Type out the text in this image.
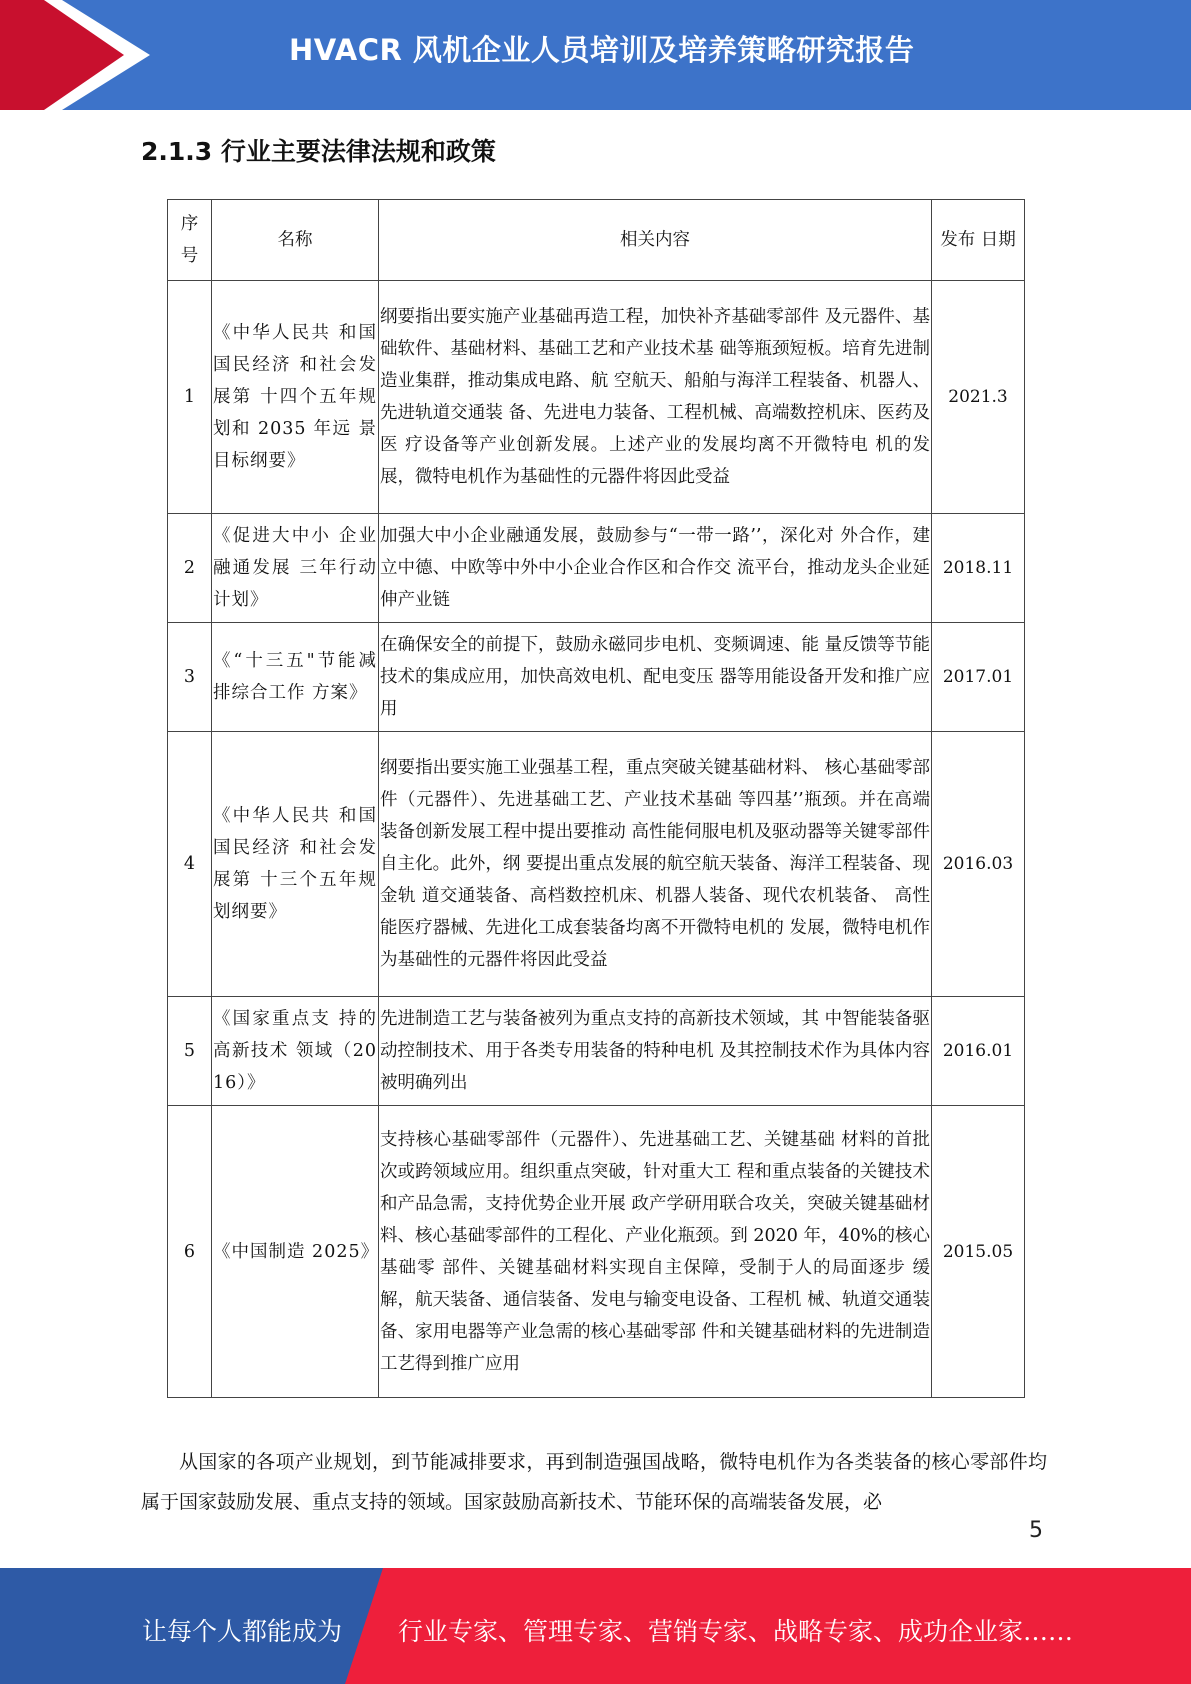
HVACR 风机企业人员培训及培养策略研究报告
2.1.3 行业主要法律法规和政策
序号	名称	相关内容	发布 日期
1	《中华人民共 和国国民经济 和社会发展第 十四个五年规 划和 2035 年远 景目标纲要》	纲要指出要实施产业基础再造工程，加快补齐基础零部件 及元器件、基础软件、基础材料、基础工艺和产业技术基 础等瓶颈短板。培育先进制造业集群，推动集成电路、航 空航天、船舶与海洋工程装备、机器人、先进轨道交通装 备、先进电力装备、工程机械、高端数控机床、医药及医 疗设备等产业创新发展。上述产业的发展均离不开微特电 机的发展，微特电机作为基础性的元器件将因此受益	2021.3
2	《促进大中小 企业融通发展 三年行动计划》	加强大中小企业融通发展，鼓励参与“一带一路’’，深化对 外合作，建立中德、中欧等中外中小企业合作区和合作交 流平台，推动龙头企业延伸产业链	2018.11
3	《“十三五"节能减排综合工作 方案》	在确保安全的前提下，鼓励永磁同步电机、变频调速、能 量反馈等节能技术的集成应用，加快高效电机、配电变压 器等用能设备开发和推广应用	2017.01
4	《中华人民共 和国国民经济 和社会发展第 十三个五年规 划纲要》	纲要指出要实施工业强基工程，重点突破关键基础材料、 核心基础零部件（元器件）、先进基础工艺、产业技术基础 等四基’’瓶颈。并在高端装备创新发展工程中提出要推动 高性能伺服电机及驱动器等关键零部件自主化。此外，纲 要提出重点发展的航空航天装备、海洋工程装备、现金轨 道交通装备、高档数控机床、机器人装备、现代农机装备、 高性能医疗器械、先进化工成套装备均离不开微特电机的 发展，微特电机作为基础性的元器件将因此受益	2016.03
5	《国家重点支 持的高新技术 领域（2016）》	先进制造工艺与装备被列为重点支持的高新技术领域，其 中智能装备驱动控制技术、用于各类专用装备的特种电机 及其控制技术作为具体内容被明确列出	2016.01
6	《中国制造 2025》	支持核心基础零部件（元器件）、先进基础工艺、关键基础 材料的首批次或跨领域应用。组织重点突破，针对重大工 程和重点装备的关键技术和产品急需，支持优势企业开展 政产学研用联合攻关，突破关键基础材料、核心基础零部件的工程化、产业化瓶颈。到 2020 年，40%的核心基础零 部件、关键基础材料实现自主保障，受制于人的局面逐步 缓解，航天装备、通信装备、发电与输变电设备、工程机 械、轨道交通装备、家用电器等产业急需的核心基础零部 件和关键基础材料的先进制造工艺得到推广应用	2015.05
从国家的各项产业规划，到节能减排要求，再到制造强国战略，微特电机作为各类装备的核心零部件均属于国家鼓励发展、重点支持的领域。国家鼓励高新技术、节能环保的高端装备发展，必
5
让每个人都能成为 行业专家、管理专家、营销专家、战略专家、成功企业家……
